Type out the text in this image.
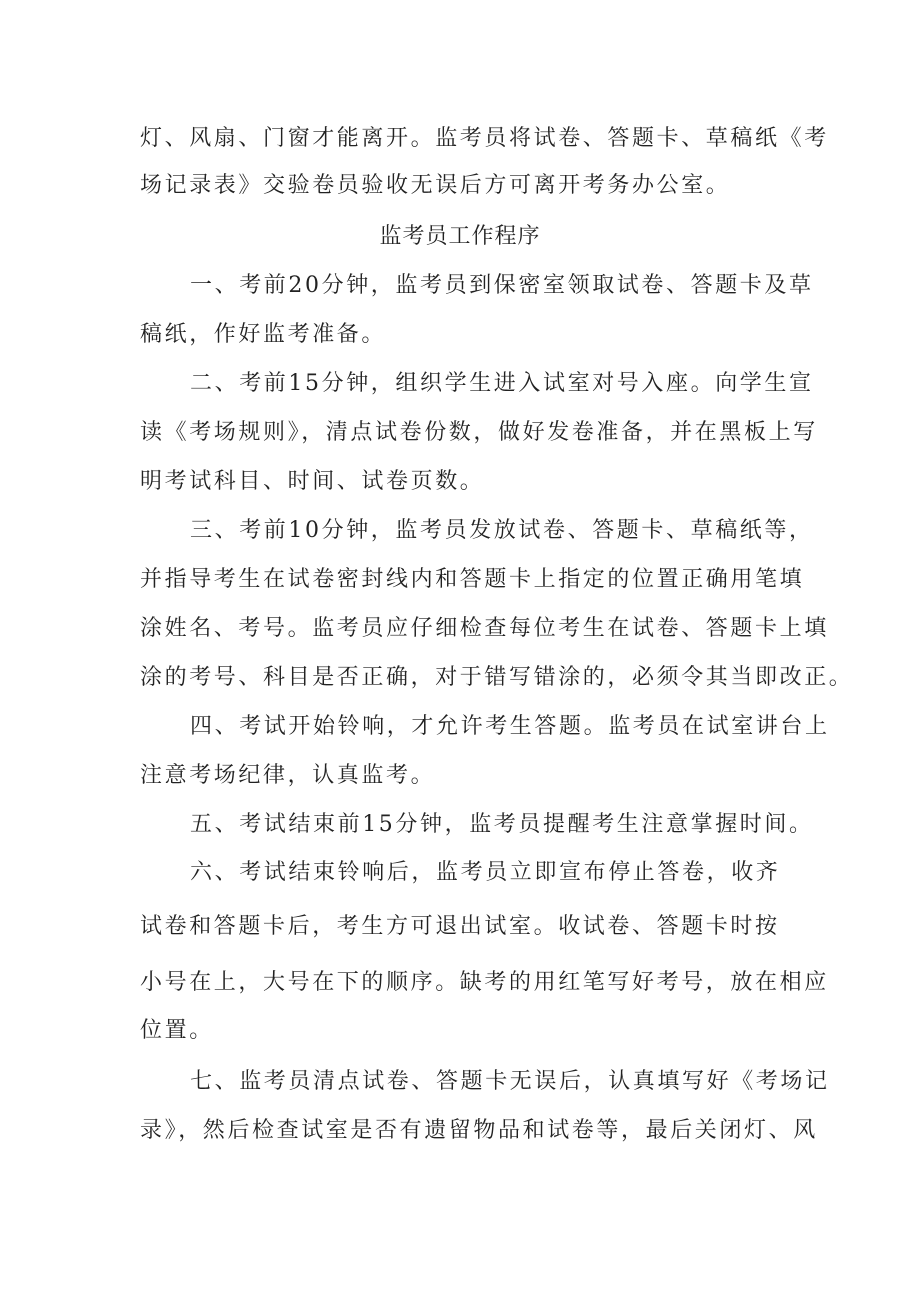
灯、风扇、门窗才能离开。监考员将试卷、答题卡、草稿纸《考
场记录表》交验卷员验收无误后方可离开考务办公室。
监考员工作程序
一、考前20分钟，监考员到保密室领取试卷、答题卡及草
稿纸，作好监考准备。
二、考前15分钟，组织学生进入试室对号入座。向学生宣
读《考场规则》，清点试卷份数，做好发卷准备，并在黑板上写
明考试科目、时间、试卷页数。
三、考前10分钟，监考员发放试卷、答题卡、草稿纸等，
并指导考生在试卷密封线内和答题卡上指定的位置正确用笔填
涂姓名、考号。监考员应仔细检查每位考生在试卷、答题卡上填
涂的考号、科目是否正确，对于错写错涂的，必须令其当即改正。
四、考试开始铃响，才允许考生答题。监考员在试室讲台上
注意考场纪律，认真监考。
五、考试结束前15分钟，监考员提醒考生注意掌握时间。
六、考试结束铃响后，监考员立即宣布停止答卷，收齐
试卷和答题卡后，考生方可退出试室。收试卷、答题卡时按
小号在上，大号在下的顺序。缺考的用红笔写好考号，放在相应
位置。
七、监考员清点试卷、答题卡无误后，认真填写好《考场记
录》，然后检查试室是否有遗留物品和试卷等，最后关闭灯、风
